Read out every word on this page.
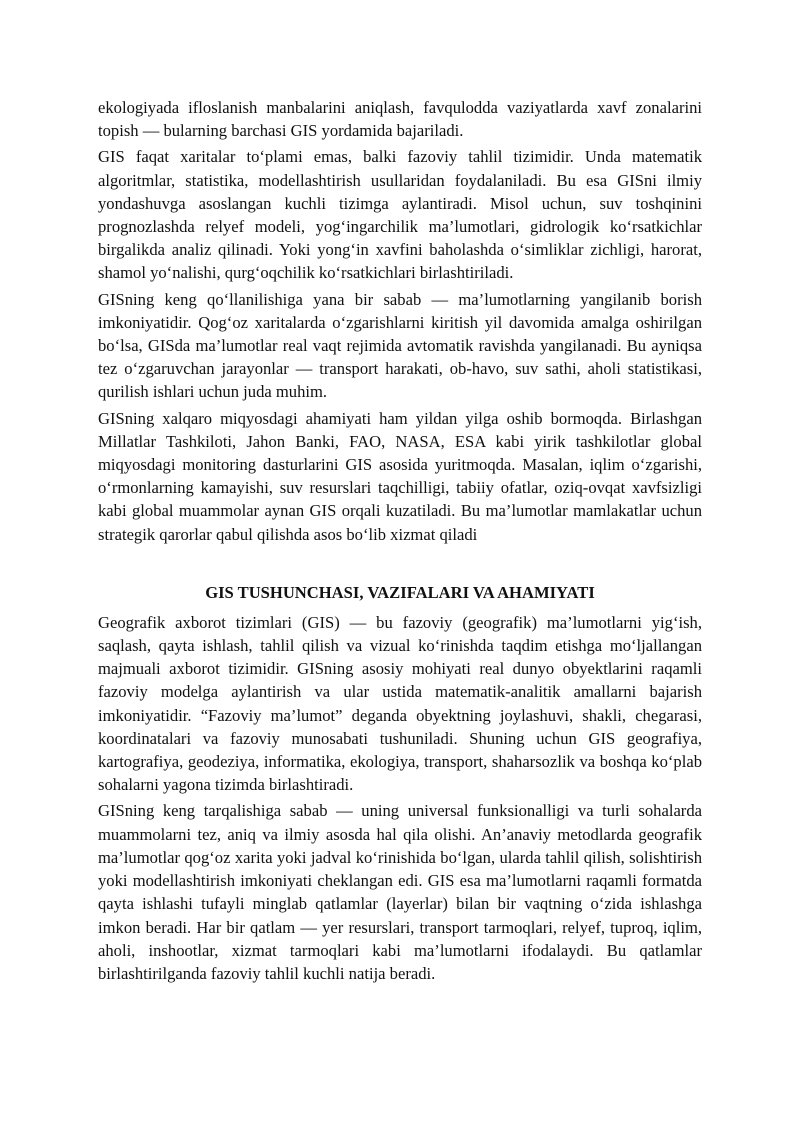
ekologiyada ifloslanish manbalarini aniqlash, favqulodda vaziyatlarda xavf zonalarini topish — bularning barchasi GIS yordamida bajariladi.

GIS faqat xaritalar to‘plami emas, balki fazoviy tahlil tizimidir. Unda matematik algoritmlar, statistika, modellashtirish usullaridan foydalaniladi. Bu esa GISni ilmiy yondashuvga asoslangan kuchli tizimga aylantiradi. Misol uchun, suv toshqinini prognozlashda relyef modeli, yog‘ingarchilik ma’lumotlari, gidrologik ko‘rsatkichlar birgalikda analiz qilinadi. Yoki yong‘in xavfini baholashda o‘simliklar zichligi, harorat, shamol yo‘nalishi, qurg‘oqchilik ko‘rsatkichlari birlashtiriladi.

GISning keng qo‘llanilishiga yana bir sabab — ma’lumotlarning yangilanib borish imkoniyatidir. Qog‘oz xaritalarda o‘zgarishlarni kiritish yil davomida amalga oshirilgan bo‘lsa, GISda ma’lumotlar real vaqt rejimida avtomatik ravishda yangilanadi. Bu ayniqsa tez o‘zgaruvchan jarayonlar — transport harakati, ob-havo, suv sathi, aholi statistikasi, qurilish ishlari uchun juda muhim.

GISning xalqaro miqyosdagi ahamiyati ham yildan yilga oshib bormoqda. Birlashgan Millatlar Tashkiloti, Jahon Banki, FAO, NASA, ESA kabi yirik tashkilotlar global miqyosdagi monitoring dasturlarini GIS asosida yuritmoqda. Masalan, iqlim o‘zgarishi, o‘rmonlarning kamayishi, suv resurslari taqchilligi, tabiiy ofatlar, oziq-ovqat xavfsizligi kabi global muammolar aynan GIS orqali kuzatiladi. Bu ma’lumotlar mamlakatlar uchun strategik qarorlar qabul qilishda asos bo‘lib xizmat qiladi

GIS TUSHUNCHASI, VAZIFALARI VA AHAMIYATI

Geografik axborot tizimlari (GIS) — bu fazoviy (geografik) ma’lumotlarni yig‘ish, saqlash, qayta ishlash, tahlil qilish va vizual ko‘rinishda taqdim etishga mo‘ljallangan majmuali axborot tizimidir. GISning asosiy mohiyati real dunyo obyektlarini raqamli fazoviy modelga aylantirish va ular ustida matematik-analitik amallarni bajarish imkoniyatidir. “Fazoviy ma’lumot” deganda obyektning joylashuvi, shakli, chegarasi, koordinatalari va fazoviy munosabati tushuniladi. Shuning uchun GIS geografiya, kartografiya, geodeziya, informatika, ekologiya, transport, shaharsozlik va boshqa ko‘plab sohalarni yagona tizimda birlashtiradi.

GISning keng tarqalishiga sabab — uning universal funksionalligi va turli sohalarda muammolarni tez, aniq va ilmiy asosda hal qila olishi. An’anaviy metodlarda geografik ma’lumotlar qog‘oz xarita yoki jadval ko‘rinishida bo‘lgan, ularda tahlil qilish, solishtirish yoki modellashtirish imkoniyati cheklangan edi. GIS esa ma’lumotlarni raqamli formatda qayta ishlashi tufayli minglab qatlamlar (layerlar) bilan bir vaqtning o‘zida ishlashga imkon beradi. Har bir qatlam — yer resurslari, transport tarmoqlari, relyef, tuproq, iqlim, aholi, inshootlar, xizmat tarmoqlari kabi ma’lumotlarni ifodalaydi. Bu qatlamlar birlashtirilganda fazoviy tahlil kuchli natija beradi.
